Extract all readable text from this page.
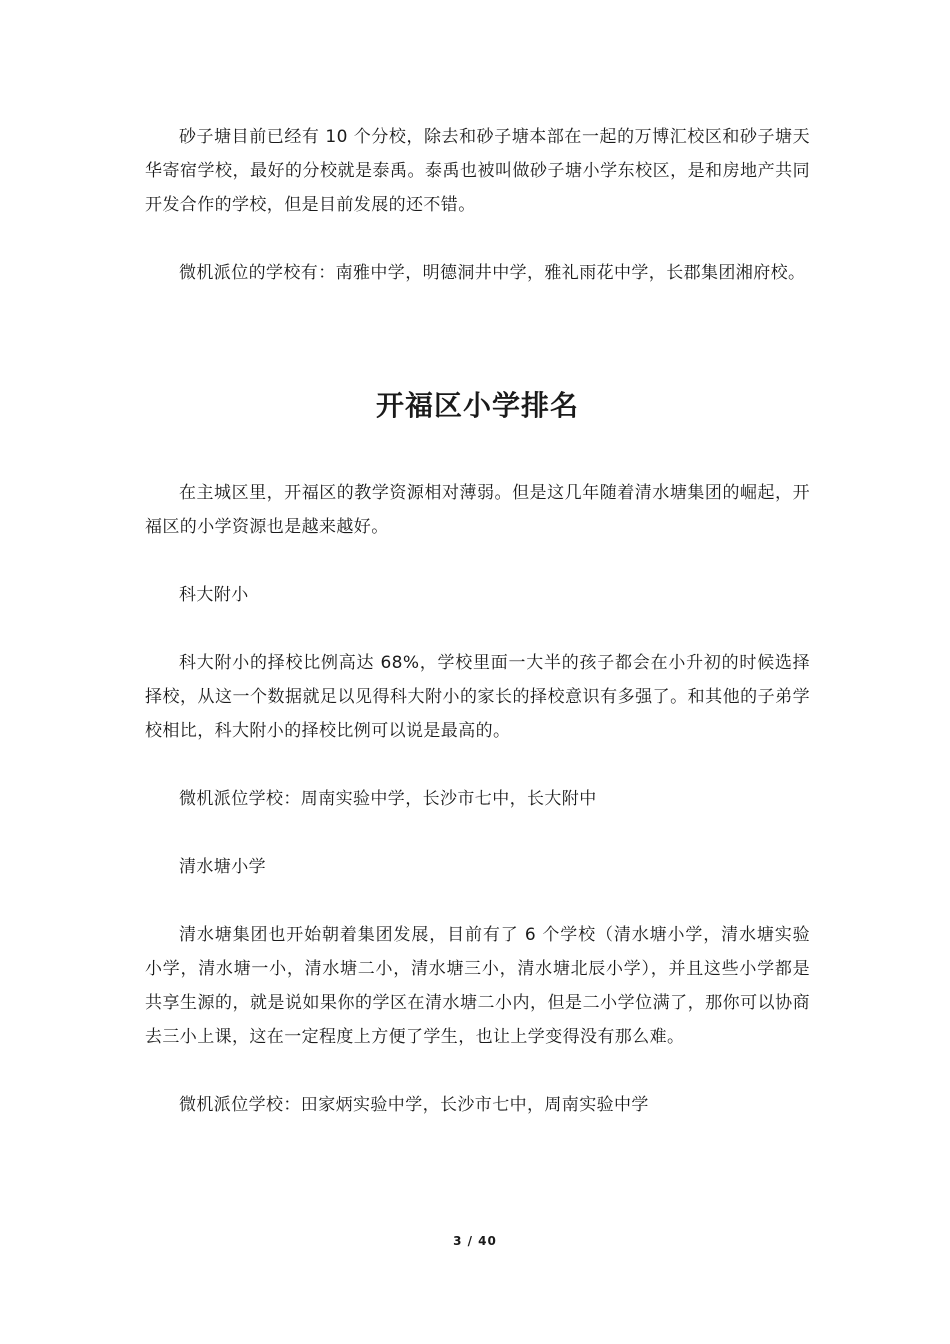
砂子塘目前已经有 10 个分校，除去和砂子塘本部在一起的万博汇校区和砂子塘天华寄宿学校，最好的分校就是泰禹。泰禹也被叫做砂子塘小学东校区，是和房地产共同开发合作的学校，但是目前发展的还不错。

微机派位的学校有：南雅中学，明德洞井中学，雅礼雨花中学，长郡集团湘府校。

开福区小学排名

在主城区里，开福区的教学资源相对薄弱。但是这几年随着清水塘集团的崛起，开福区的小学资源也是越来越好。

科大附小

科大附小的择校比例高达 68%，学校里面一大半的孩子都会在小升初的时候选择择校，从这一个数据就足以见得科大附小的家长的择校意识有多强了。和其他的子弟学校相比，科大附小的择校比例可以说是最高的。

微机派位学校：周南实验中学，长沙市七中，长大附中

清水塘小学

清水塘集团也开始朝着集团发展，目前有了 6 个学校（清水塘小学，清水塘实验小学，清水塘一小，清水塘二小，清水塘三小，清水塘北辰小学），并且这些小学都是共享生源的，就是说如果你的学区在清水塘二小内，但是二小学位满了，那你可以协商去三小上课，这在一定程度上方便了学生，也让上学变得没有那么难。

微机派位学校：田家炳实验中学，长沙市七中，周南实验中学

3 / 40
